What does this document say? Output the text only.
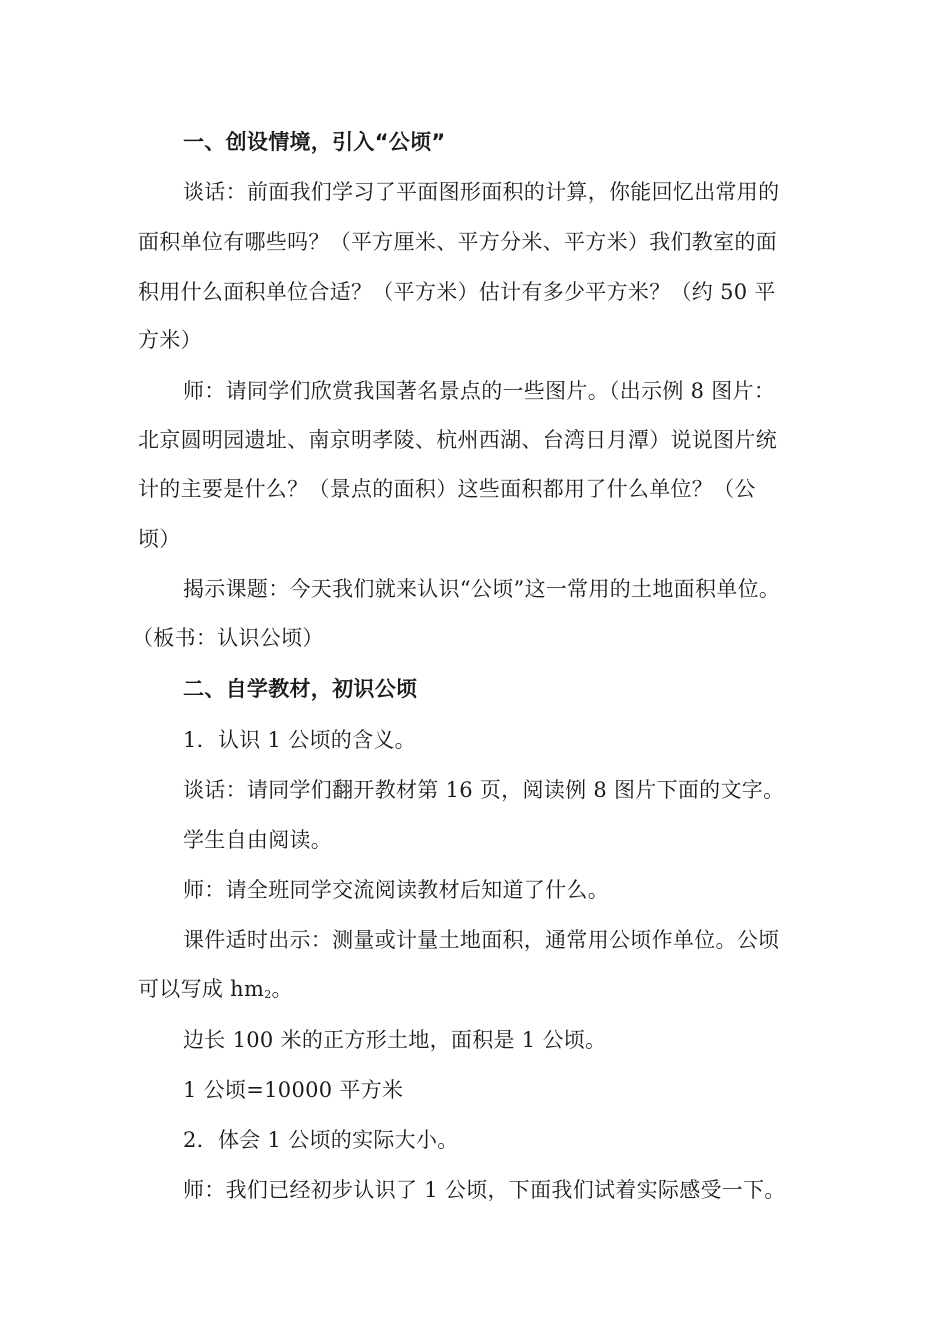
一、创设情境，引入“公顷”
谈话：前面我们学习了平面图形面积的计算，你能回忆出常用的
面积单位有哪些吗？（平方厘米、平方分米、平方米）我们教室的面
积用什么面积单位合适？（平方米）估计有多少平方米？（约 50 平
方米）
师：请同学们欣赏我国著名景点的一些图片。（出示例 8 图片：
北京圆明园遗址、南京明孝陵、杭州西湖、台湾日月潭）说说图片统
计的主要是什么？（景点的面积）这些面积都用了什么单位？（公
顷）
揭示课题：今天我们就来认识“公顷”这一常用的土地面积单位。
（板书：认识公顷）
二、自学教材，初识公顷
1．认识 1 公顷的含义。
谈话：请同学们翻开教材第 16 页，阅读例 8 图片下面的文字。
学生自由阅读。
师：请全班同学交流阅读教材后知道了什么。
课件适时出示：测量或计量土地面积，通常用公顷作单位。公顷
可以写成 hm2。
边长 100 米的正方形土地，面积是 1 公顷。
1 公顷=10000 平方米
2．体会 1 公顷的实际大小。
师：我们已经初步认识了 1 公顷，下面我们试着实际感受一下。
